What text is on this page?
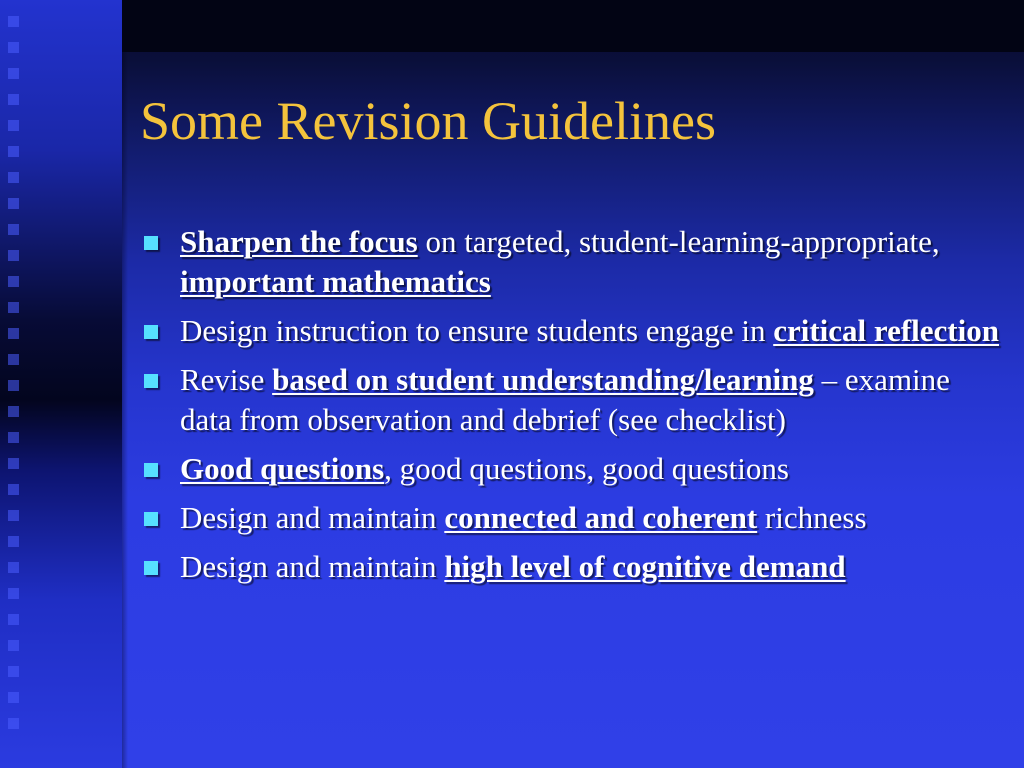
Some Revision Guidelines
Sharpen the focus on targeted, student-learning-appropriate, important mathematics
Design instruction to ensure students engage in critical reflection
Revise based on student understanding/learning – examine data from observation and debrief (see checklist)
Good questions, good questions, good questions
Design and maintain connected and coherent richness
Design and maintain high level of cognitive demand
